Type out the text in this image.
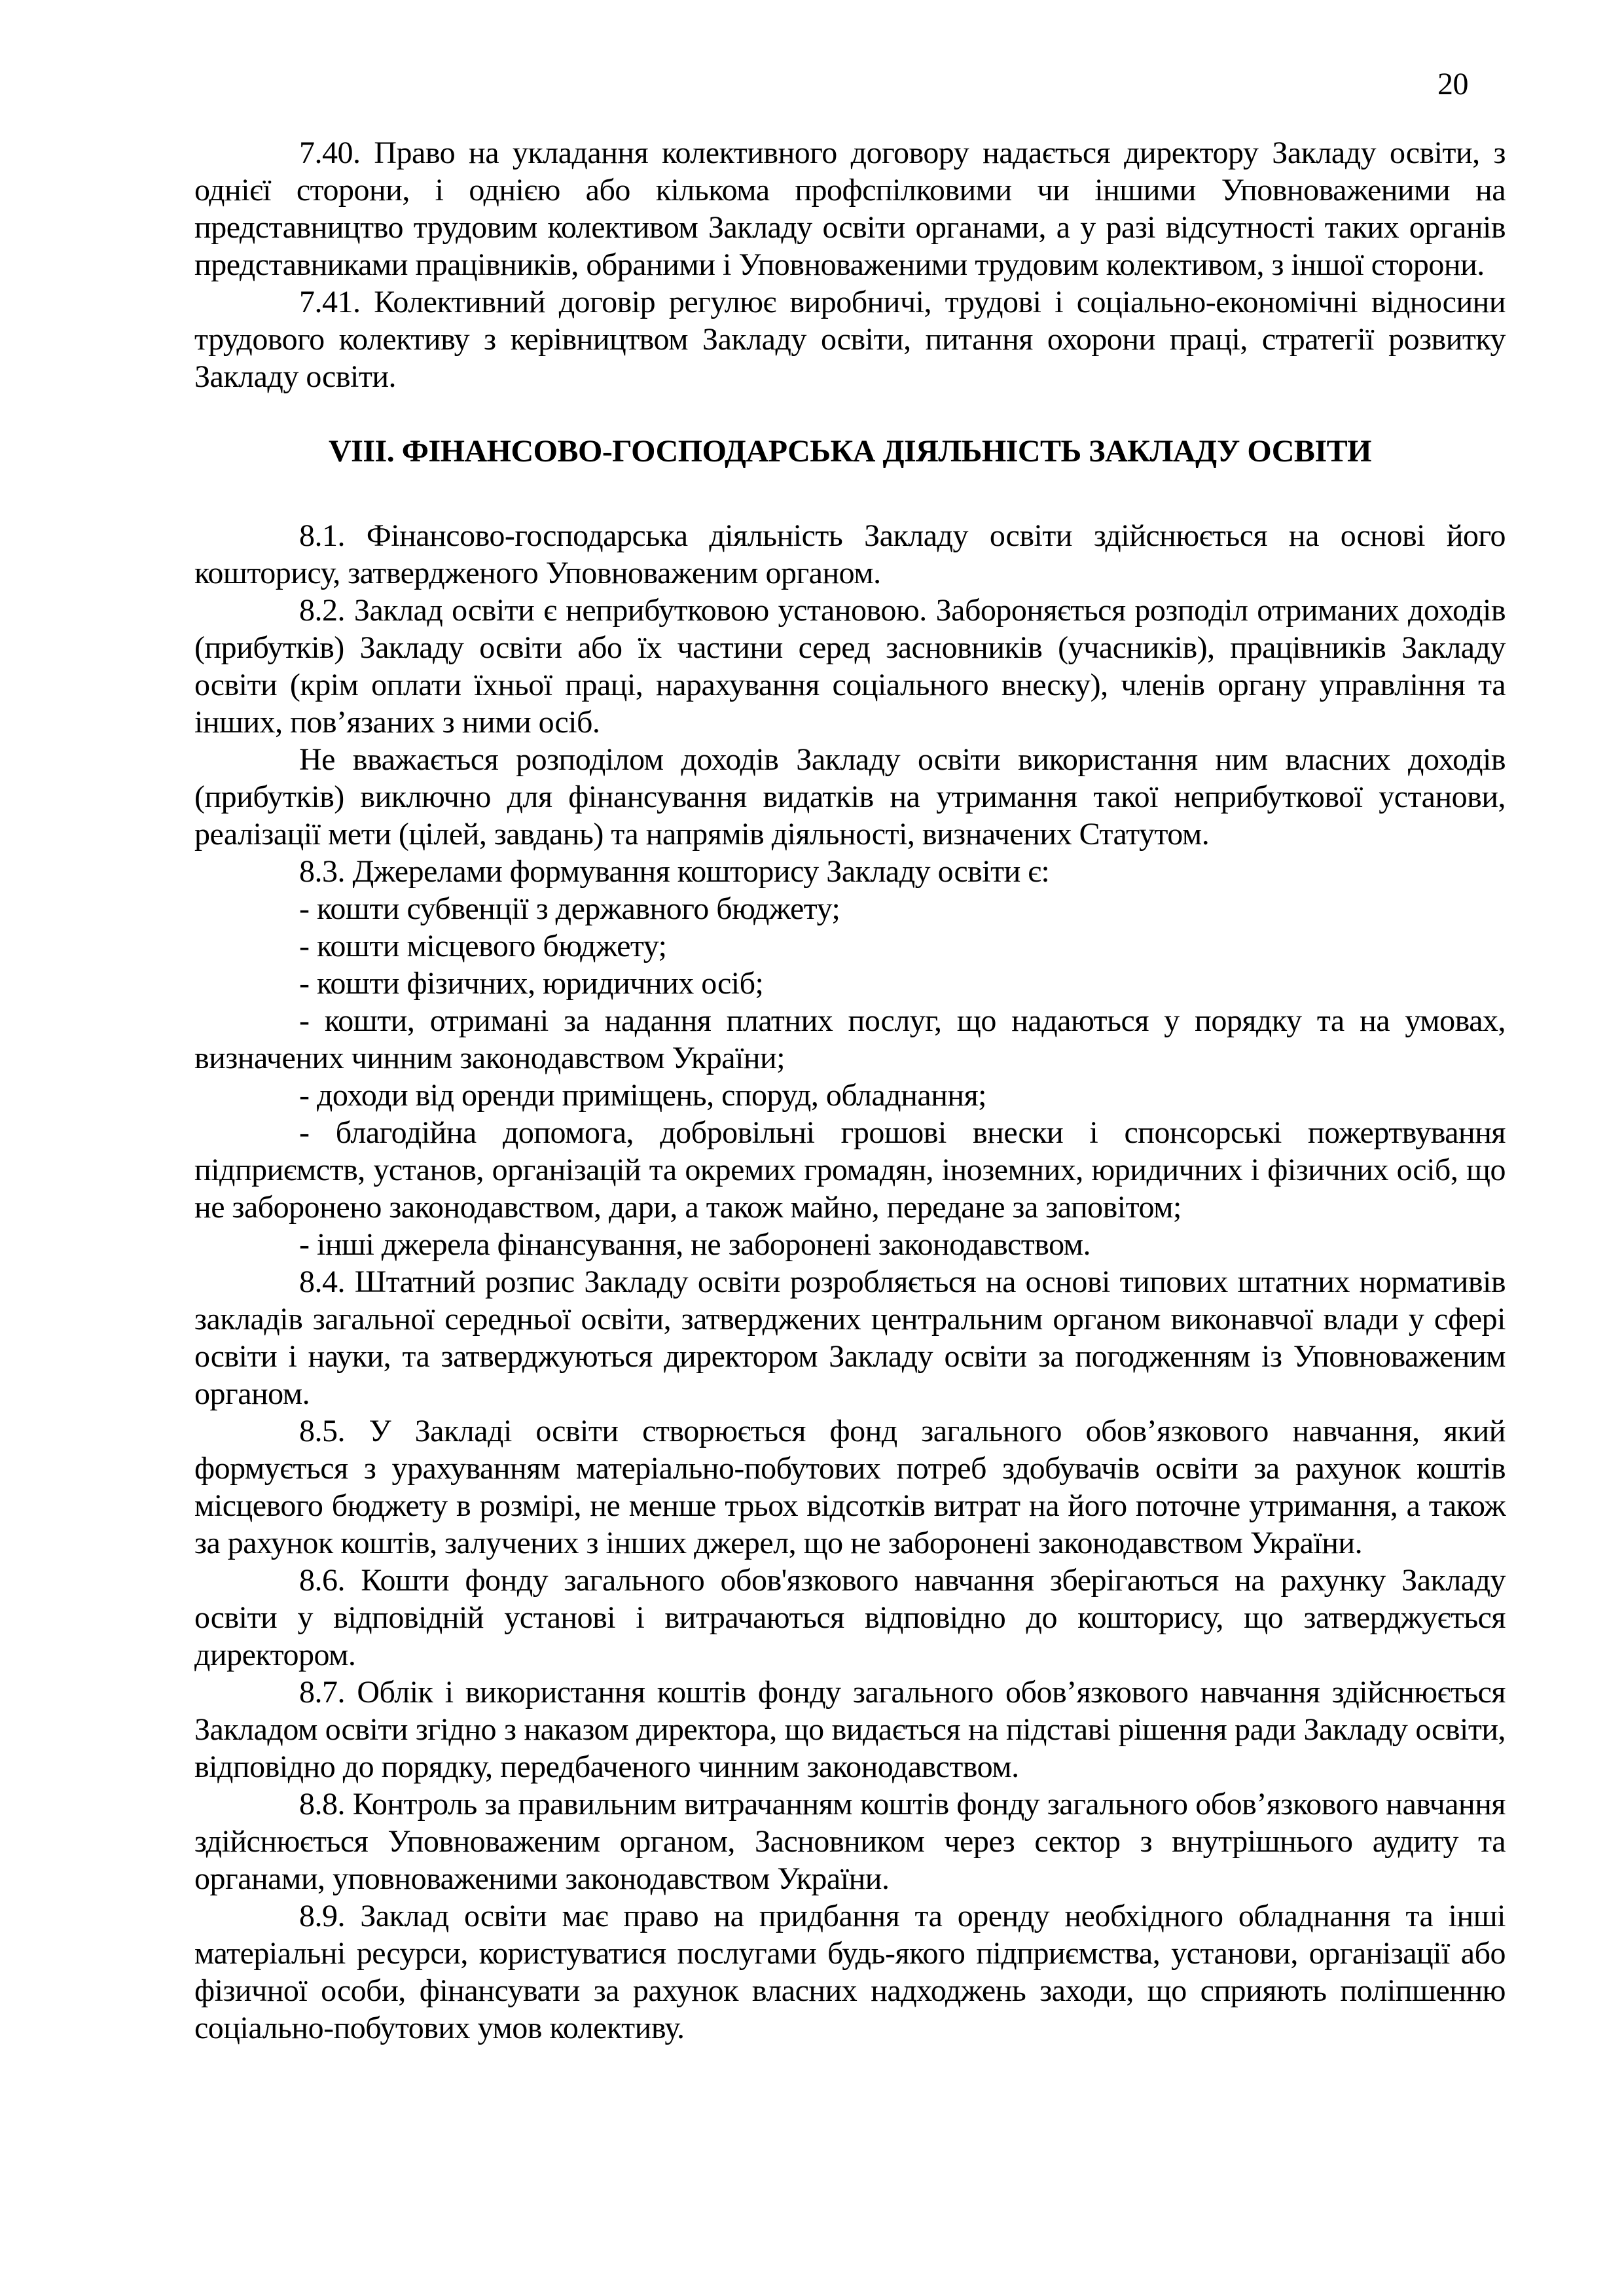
20

7.40. Право на укладання колективного договору надається директору Закладу освіти, з однієї сторони, і однією або кількома профспілковими чи іншими Уповноваженими на представництво трудовим колективом Закладу освіти органами, а у разі відсутності таких органів представниками працівників, обраними і Уповноваженими трудовим колективом, з іншої сторони.

7.41. Колективний договір регулює виробничі, трудові і соціально-економічні відносини трудового колективу з керівництвом Закладу освіти, питання охорони праці, стратегії розвитку Закладу освіти.

VIII. ФІНАНСОВО-ГОСПОДАРСЬКА ДІЯЛЬНІСТЬ ЗАКЛАДУ ОСВІТИ

8.1. Фінансово-господарська діяльність Закладу освіти здійснюється на основі його кошторису, затвердженого Уповноваженим органом.

8.2. Заклад освіти є неприбутковою установою. Забороняється розподіл отриманих доходів (прибутків) Закладу освіти або їх частини серед засновників (учасників), працівників Закладу освіти (крім оплати їхньої праці, нарахування соціального внеску), членів органу управління та інших, пов’язаних з ними осіб.

Не вважається розподілом доходів Закладу освіти використання ним власних доходів (прибутків) виключно для фінансування видатків на утримання такої неприбуткової установи, реалізації мети (цілей, завдань) та напрямів діяльності, визначених Статутом.

8.3. Джерелами формування кошторису Закладу освіти є:

- кошти субвенції з державного бюджету;

- кошти місцевого бюджету;

- кошти фізичних, юридичних осіб;

- кошти, отримані за надання платних послуг, що надаються у порядку та на умовах, визначених чинним законодавством України;

- доходи від оренди приміщень, споруд, обладнання;

- благодійна допомога, добровільні грошові внески і спонсорські пожертвування підприємств, установ, організацій та окремих громадян, іноземних, юридичних і фізичних осіб, що не заборонено законодавством, дари, а також майно, передане за заповітом;

- інші джерела фінансування, не заборонені законодавством.

8.4. Штатний розпис Закладу освіти розробляється на основі типових штатних нормативів закладів загальної середньої освіти, затверджених центральним органом виконавчої влади у сфері освіти і науки, та затверджуються директором Закладу освіти за погодженням із Уповноваженим органом.

8.5. У Закладі освіти створюється фонд загального обов’язкового навчання, який формується з урахуванням матеріально-побутових потреб здобувачів освіти за рахунок коштів місцевого бюджету в розмірі, не менше трьох відсотків витрат на його поточне утримання, а також за рахунок коштів, залучених з інших джерел, що не заборонені законодавством України.

8.6. Кошти фонду загального обов'язкового навчання зберігаються на рахунку Закладу освіти у відповідній установі і витрачаються відповідно до кошторису, що затверджується директором.

8.7. Облік і використання коштів фонду загального обов’язкового навчання здійснюється Закладом освіти згідно з наказом директора, що видається на підставі рішення ради Закладу освіти, відповідно до порядку, передбаченого чинним законодавством.

8.8. Контроль за правильним витрачанням коштів фонду загального обов’язкового навчання здійснюється Уповноваженим органом, Засновником через сектор з внутрішнього аудиту та органами, уповноваженими законодавством України.

8.9. Заклад освіти має право на придбання та оренду необхідного обладнання та інші матеріальні ресурси, користуватися послугами будь-якого підприємства, установи, організації або фізичної особи, фінансувати за рахунок власних надходжень заходи, що сприяють поліпшенню соціально-побутових умов колективу.
